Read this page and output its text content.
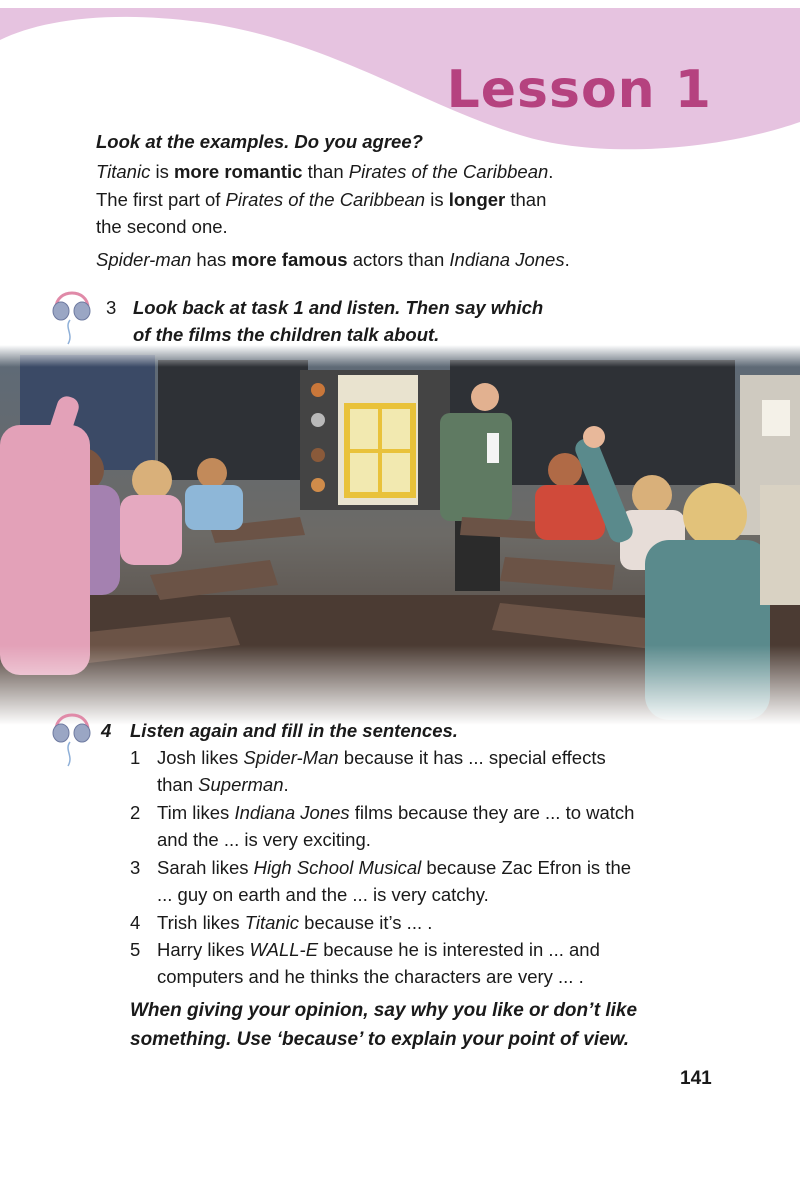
Lesson 1
Look at the examples. Do you agree?
Titanic is more romantic than Pirates of the Caribbean.
The first part of Pirates of the Caribbean is longer than
the second one.
Spider-man has more famous actors than Indiana Jones.
3 Look back at task 1 and listen. Then say which
of the films the children talk about.
4 Listen again and fill in the sentences.
1 Josh likes Spider-Man because it has ... special effects
than Superman.
2 Tim likes Indiana Jones films because they are ... to watch
and the ... is very exciting.
3 Sarah likes High School Musical because Zac Efron is the
... guy on earth and the ... is very catchy.
4 Trish likes Titanic because it’s ... .
5 Harry likes WALL-E because he is interested in ... and
computers and he thinks the characters are very ... .
When giving your opinion, say why you like or don’t like
something. Use ‘because’ to explain your point of view.
141
